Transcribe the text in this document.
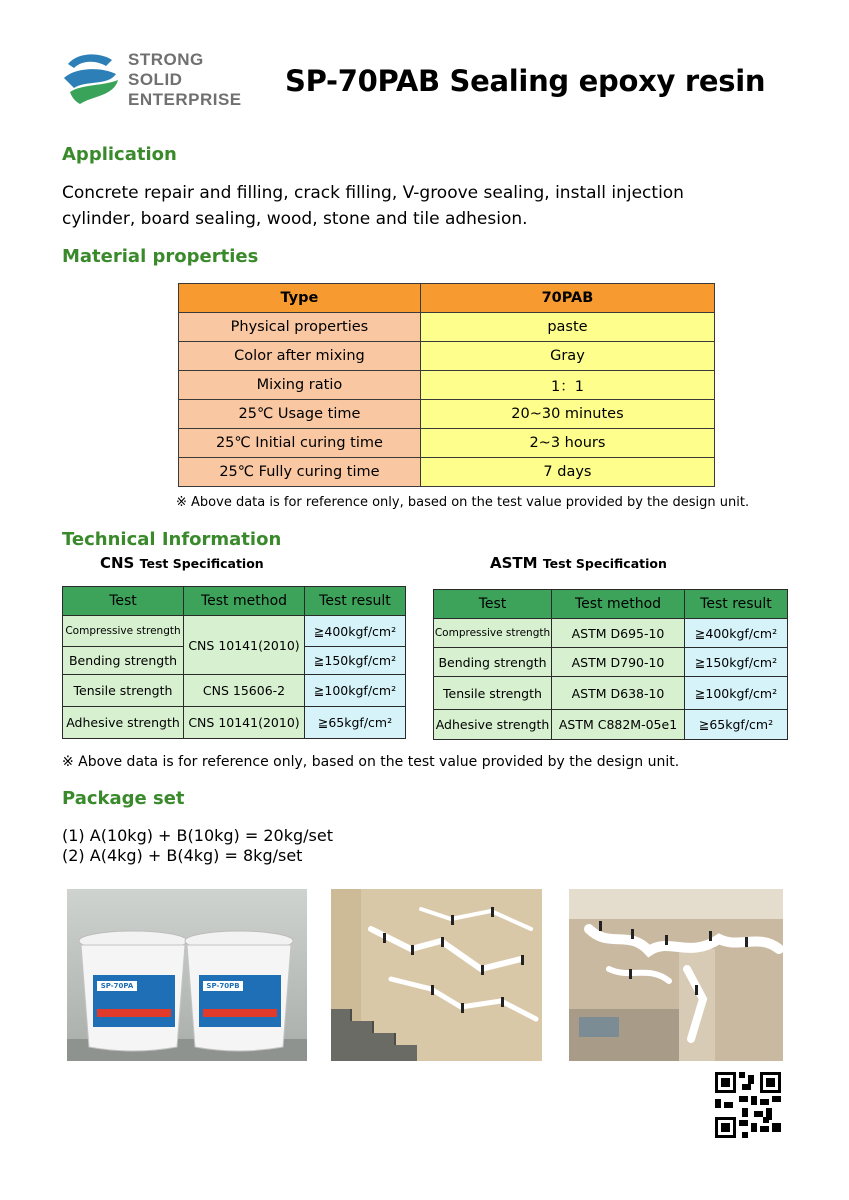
STRONG
SOLID
ENTERPRISE
SP-70PAB Sealing epoxy resin
Application
Concrete repair and filling, crack filling, V-groove sealing, install injection
cylinder, board sealing, wood, stone and tile adhesion.
Material properties
Type	70PAB
Physical properties	paste
Color after mixing	Gray
Mixing ratio	1：1
25℃ Usage time	20~30 minutes
25℃ Initial curing time	2~3 hours
25℃ Fully curing time	7 days
※ Above data is for reference only, based on the test value provided by the design unit.
Technical Information
CNS Test Specification	ASTM Test Specification
Test	Test method	Test result
Compressive strength	CNS 10141(2010)	≧400kgf/cm²
Bending strength		≧150kgf/cm²
Tensile strength	CNS 15606-2	≧100kgf/cm²
Adhesive strength	CNS 10141(2010)	≧65kgf/cm²
Test	Test method	Test result
Compressive strength	ASTM D695-10	≧400kgf/cm²
Bending strength	ASTM D790-10	≧150kgf/cm²
Tensile strength	ASTM D638-10	≧100kgf/cm²
Adhesive strength	ASTM C882M-05e1	≧65kgf/cm²
※ Above data is for reference only, based on the test value provided by the design unit.
Package set
(1) A(10kg) + B(10kg) = 20kg/set
(2) A(4kg) + B(4kg) = 8kg/set
SP-70PA	SP-70PB
